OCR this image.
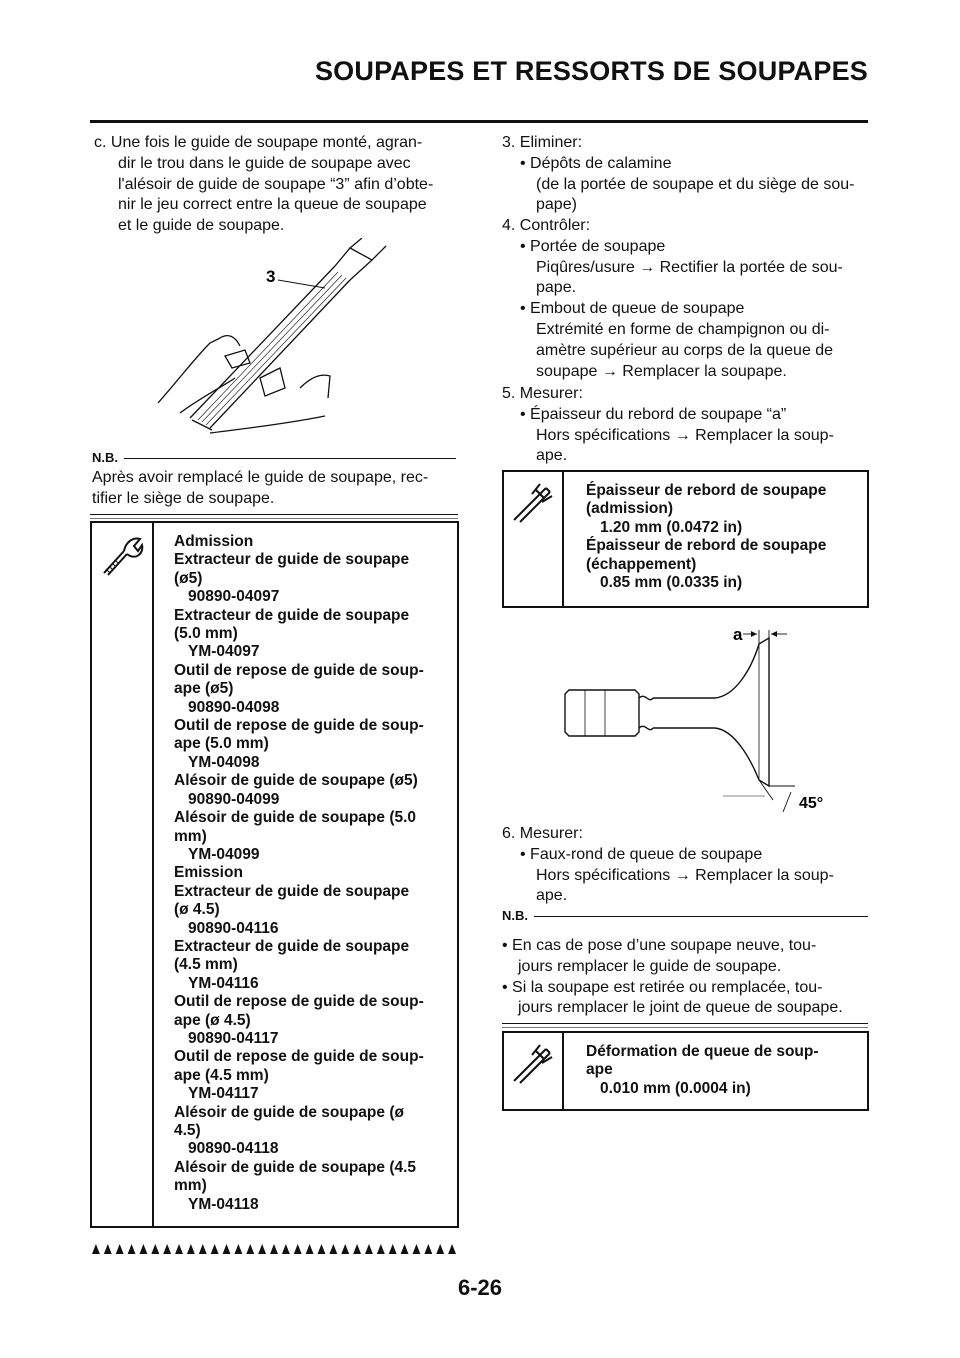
SOUPAPES ET RESSORTS DE SOUPAPES
c. Une fois le guide de soupape monté, agran-
dir le trou dans le guide de soupape avec
l'alésoir de guide de soupape “3” afin d’obte-
nir le jeu correct entre la queue de soupape
et le guide de soupape.
3
N.B.
Après avoir remplacé le guide de soupape, rec-
tifier le siège de soupape.
Admission
Extracteur de guide de soupape
(ø5)
90890-04097
Extracteur de guide de soupape
(5.0 mm)
YM-04097
Outil de repose de guide de soup-
ape (ø5)
90890-04098
Outil de repose de guide de soup-
ape (5.0 mm)
YM-04098
Alésoir de guide de soupape (ø5)
90890-04099
Alésoir de guide de soupape (5.0
mm)
YM-04099
Emission
Extracteur de guide de soupape
(ø 4.5)
90890-04116
Extracteur de guide de soupape
(4.5 mm)
YM-04116
Outil de repose de guide de soup-
ape (ø 4.5)
90890-04117
Outil de repose de guide de soup-
ape (4.5 mm)
YM-04117
Alésoir de guide de soupape (ø
4.5)
90890-04118
Alésoir de guide de soupape (4.5
mm)
YM-04118
3. Eliminer:
• Dépôts de calamine
(de la portée de soupape et du siège de sou-
pape)
4. Contrôler:
• Portée de soupape
Piqûres/usure → Rectifier la portée de sou-
pape.
• Embout de queue de soupape
Extrémité en forme de champignon ou di-
amètre supérieur au corps de la queue de
soupape → Remplacer la soupape.
5. Mesurer:
• Épaisseur du rebord de soupape “a”
Hors spécifications → Remplacer la soup-
ape.
Épaisseur de rebord de soupape
(admission)
1.20 mm (0.0472 in)
Épaisseur de rebord de soupape
(échappement)
0.85 mm (0.0335 in)
a
45°
6. Mesurer:
• Faux-rond de queue de soupape
Hors spécifications → Remplacer la soup-
ape.
N.B.
• En cas de pose d’une soupape neuve, tou-
jours remplacer le guide de soupape.
• Si la soupape est retirée ou remplacée, tou-
jours remplacer le joint de queue de soupape.
Déformation de queue de soup-
ape
0.010 mm (0.0004 in)
6-26
